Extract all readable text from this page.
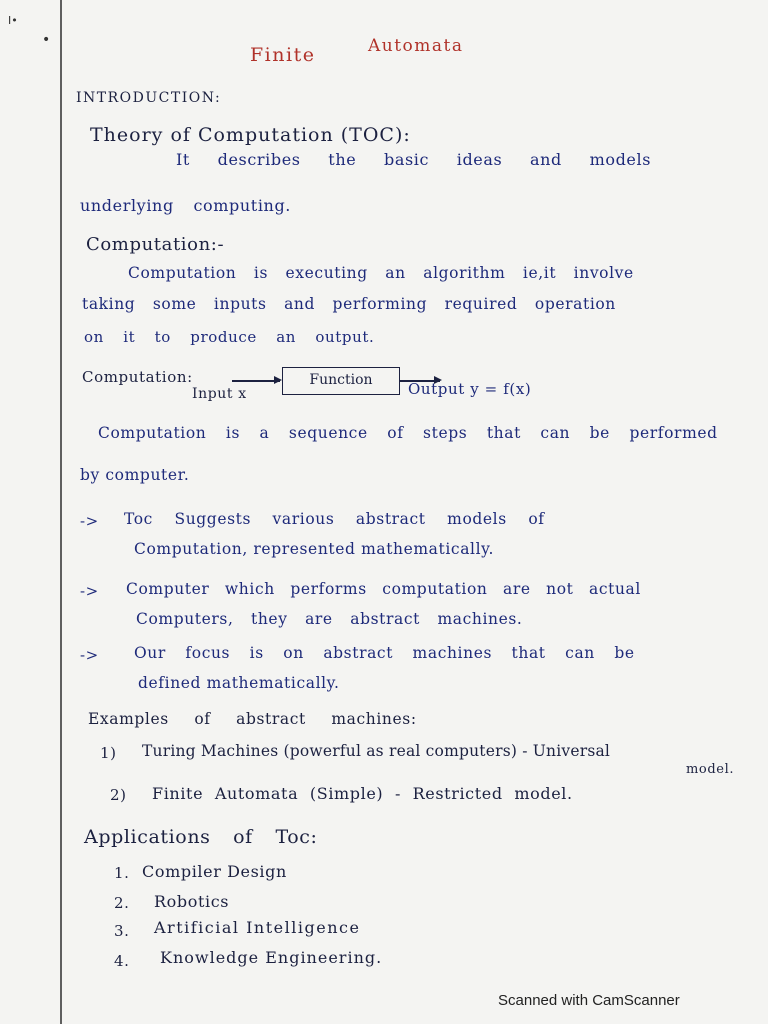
I•
•
Finite	Automata
INTRODUCTION:
Theory of Computation (TOC):
It describes the basic ideas and models
underlying computing.
Computation:-
Computation is executing an algorithm ie,it involve
taking some inputs and performing required operation
on it to produce an output.
Computation:
Input x
Function	Output y = f(x)
Computation is a sequence of steps that can be performed
by computer.
-> Toc Suggests various abstract models of
Computation, represented mathematically.
-> Computer which performs computation are not actual
Computers, they are abstract machines.
-> Our focus is on abstract machines that can be
defined mathematically.
Examples of abstract machines:
1) Turing Machines (powerful as real computers) - Universal
model.
2) Finite Automata (Simple) - Restricted model.
Applications of Toc:
1. Compiler Design
2. Robotics
3. Artificial Intelligence
4. Knowledge Engineering.
Scanned with CamScanner
